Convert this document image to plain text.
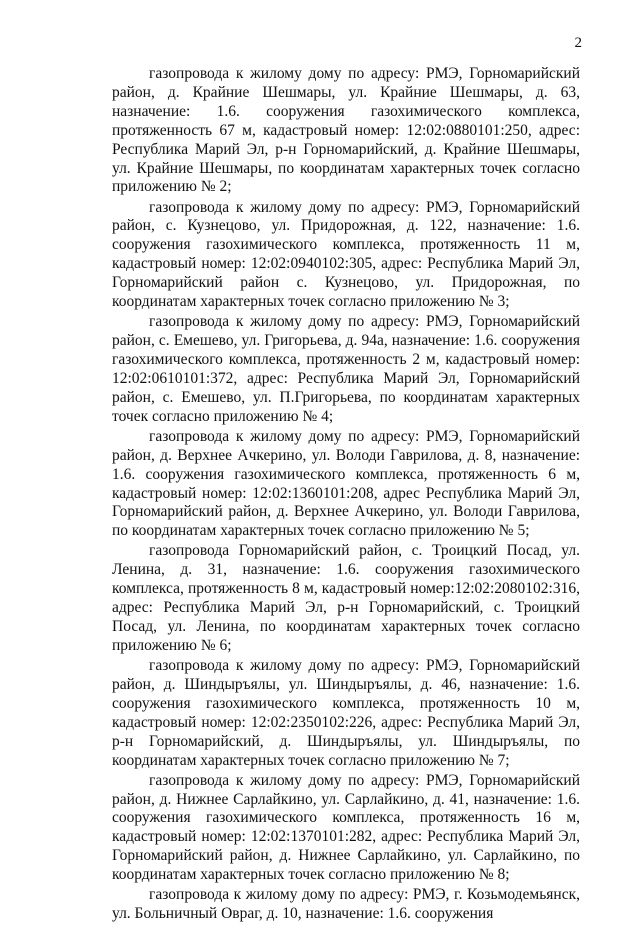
2

газопровода к жилому дому по адресу: РМЭ, Горномарийский район, д. Крайние Шешмары, ул. Крайние Шешмары, д. 63, назначение: 1.6. сооружения газохимического комплекса, протяженность 67 м, кадастровый номер: 12:02:0880101:250, адрес: Республика Марий Эл, р-н Горномарийский, д. Крайние Шешмары, ул. Крайние Шешмары, по координатам характерных точек согласно приложению № 2;

газопровода к жилому дому по адресу: РМЭ, Горномарийский район, с. Кузнецово, ул. Придорожная, д. 122, назначение: 1.6. сооружения газохимического комплекса, протяженность 11 м, кадастровый номер: 12:02:0940102:305, адрес: Республика Марий Эл, Горномарийский район с. Кузнецово, ул. Придорожная, по координатам характерных точек согласно приложению № 3;

газопровода к жилому дому по адресу: РМЭ, Горномарийский район, с. Емешево, ул. Григорьева, д. 94а, назначение: 1.6. сооружения газохимического комплекса, протяженность 2 м, кадастровый номер: 12:02:0610101:372, адрес: Республика Марий Эл, Горномарийский район, с. Емешево, ул. П.Григорьева, по координатам характерных точек согласно приложению № 4;

газопровода к жилому дому по адресу: РМЭ, Горномарийский район, д. Верхнее Ачкерино, ул. Володи Гаврилова, д. 8, назначение: 1.6. сооружения газохимического комплекса, протяженность 6 м, кадастровый номер: 12:02:1360101:208, адрес Республика Марий Эл, Горномарийский район, д. Верхнее Ачкерино, ул. Володи Гаврилова, по координатам характерных точек согласно приложению № 5;

газопровода Горномарийский район, с. Троицкий Посад, ул. Ленина, д. 31, назначение: 1.6. сооружения газохимического комплекса, протяженность 8 м, кадастровый номер:12:02:2080102:316, адрес: Республика Марий Эл, р-н Горномарийский, с. Троицкий Посад, ул. Ленина, по координатам характерных точек согласно приложению № 6;

газопровода к жилому дому по адресу: РМЭ, Горномарийский район, д. Шиндыръялы, ул. Шиндыръялы, д. 46, назначение: 1.6. сооружения газохимического комплекса, протяженность 10 м, кадастровый номер: 12:02:2350102:226, адрес: Республика Марий Эл, р-н Горномарийский, д. Шиндыръялы, ул. Шиндыръялы, по координатам характерных точек согласно приложению № 7;

газопровода к жилому дому по адресу: РМЭ, Горномарийский район, д. Нижнее Сарлайкино, ул. Сарлайкино, д. 41, назначение: 1.6. сооружения газохимического комплекса, протяженность 16 м, кадастровый номер: 12:02:1370101:282, адрес: Республика Марий Эл, Горномарийский район, д. Нижнее Сарлайкино, ул. Сарлайкино, по координатам характерных точек согласно приложению № 8;

газопровода к жилому дому по адресу: РМЭ, г. Козьмодемьянск, ул. Больничный Овраг, д. 10, назначение: 1.6. сооружения
